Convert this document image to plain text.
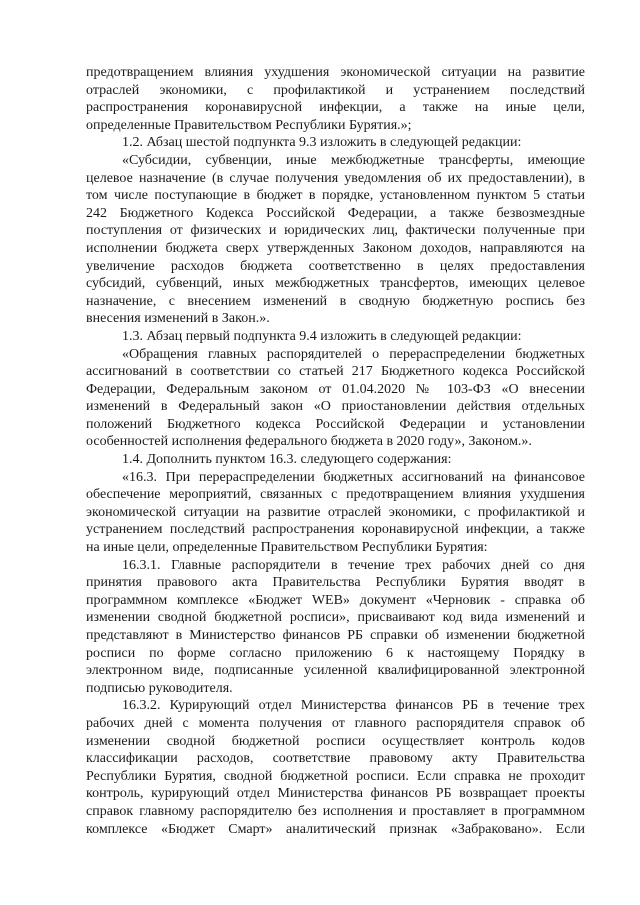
предотвращением влияния ухудшения экономической ситуации на развитие
отраслей экономики, с профилактикой и устранением последствий
распространения коронавирусной инфекции, а также на иные цели,
определенные Правительством Республики Бурятия.»;
1.2. Абзац шестой подпункта 9.3 изложить в следующей редакции:
«Субсидии, субвенции, иные межбюджетные трансферты, имеющие
целевое назначение (в случае получения уведомления об их предоставлении), в
том числе поступающие в бюджет в порядке, установленном пунктом 5 статьи
242 Бюджетного Кодекса Российской Федерации, а также безвозмездные
поступления от физических и юридических лиц, фактически полученные при
исполнении бюджета сверх утвержденных Законом доходов, направляются на
увеличение расходов бюджета соответственно в целях предоставления
субсидий, субвенций, иных межбюджетных трансфертов, имеющих целевое
назначение, с внесением изменений в сводную бюджетную роспись без
внесения изменений в Закон.».
1.3. Абзац первый подпункта 9.4 изложить в следующей редакции:
«Обращения главных распорядителей о перераспределении бюджетных
ассигнований в соответствии со статьей 217 Бюджетного кодекса Российской
Федерации, Федеральным законом от 01.04.2020 № 103-ФЗ «О внесении
изменений в Федеральный закон «О приостановлении действия отдельных
положений Бюджетного кодекса Российской Федерации и установлении
особенностей исполнения федерального бюджета в 2020 году», Законом.».
1.4. Дополнить пунктом 16.3. следующего содержания:
«16.3. При перераспределении бюджетных ассигнований на финансовое
обеспечение мероприятий, связанных с предотвращением влияния ухудшения
экономической ситуации на развитие отраслей экономики, с профилактикой и
устранением последствий распространения коронавирусной инфекции, а также
на иные цели, определенные Правительством Республики Бурятия:
16.3.1. Главные распорядители в течение трех рабочих дней со дня
принятия правового акта Правительства Республики Бурятия вводят в
программном комплексе «Бюджет WEB» документ «Черновик - справка об
изменении сводной бюджетной росписи», присваивают код вида изменений и
представляют в Министерство финансов РБ справки об изменении бюджетной
росписи по форме согласно приложению 6 к настоящему Порядку в
электронном виде, подписанные усиленной квалифицированной электронной
подписью руководителя.
16.3.2. Курирующий отдел Министерства финансов РБ в течение трех
рабочих дней с момента получения от главного распорядителя справок об
изменении сводной бюджетной росписи осуществляет контроль кодов
классификации расходов, соответствие правовому акту Правительства
Республики Бурятия, сводной бюджетной росписи. Если справка не проходит
контроль, курирующий отдел Министерства финансов РБ возвращает проекты
справок главному распорядителю без исполнения и проставляет в программном
комплексе «Бюджет Смарт» аналитический признак «Забраковано». Если
